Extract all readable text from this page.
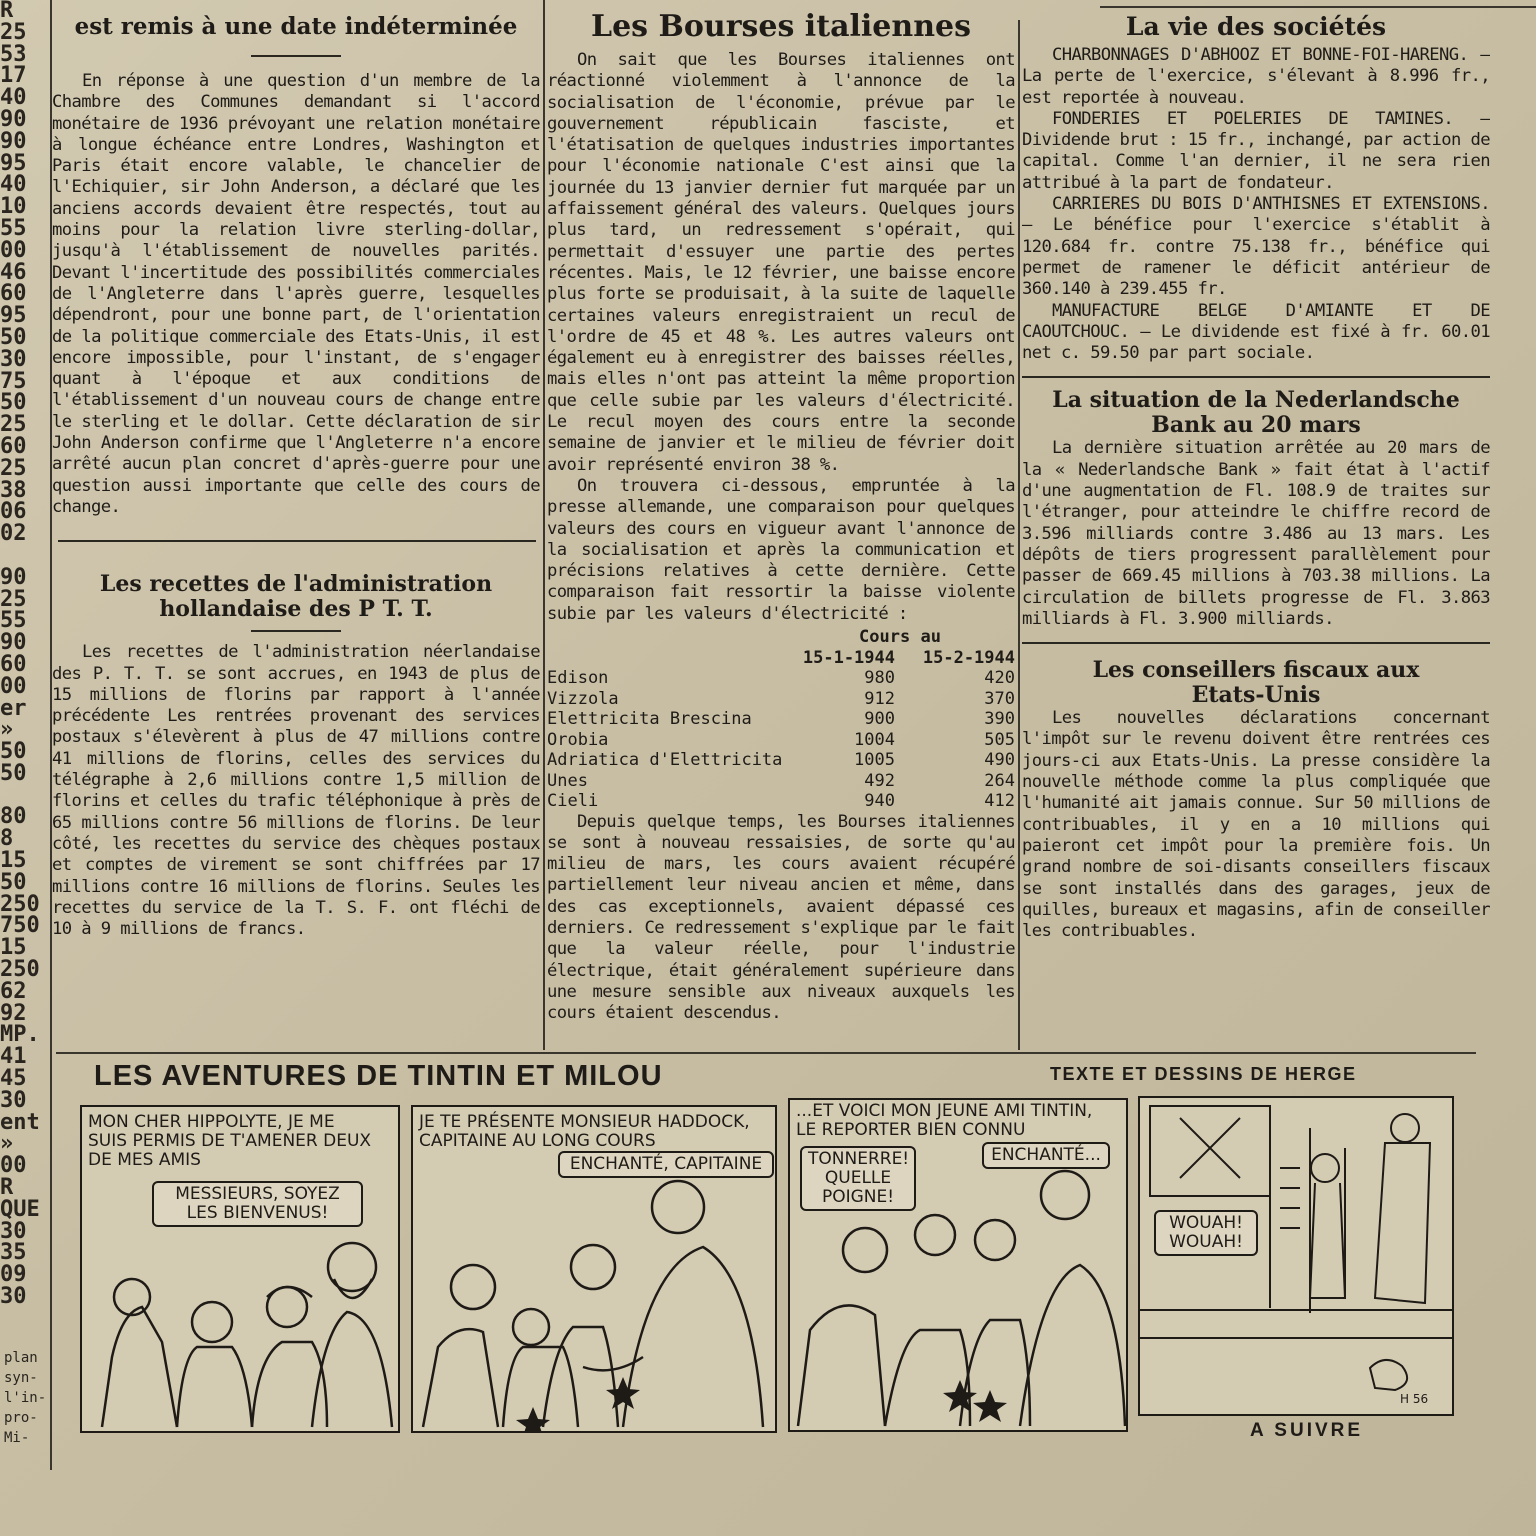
R
25
53
17
40
90
90
95
40
10
55
00
46
60
95
50
30
75
50
25
60
25
38
06
02

90
25
55
90
60
00
er »
50
50

80
8
15
50
250
750
15
250
62
92
MP.
41
45
30
ent »
00
R
QUE
30
35
09
30
plan
syn-
l'in-
pro-
Mi-
est remis à une date indéterminée

En réponse à une question d'un membre de la Chambre des Communes demandant si l'accord monétaire de 1936 prévoyant une relation monétaire à longue échéance entre Londres, Washington et Paris était encore valable, le chancelier de l'Echiquier, sir John Anderson, a déclaré que les anciens accords devaient être respectés, tout au moins pour la relation livre sterling-dollar, jusqu'à l'établissement de nouvelles parités. Devant l'incertitude des possibilités commerciales de l'Angleterre dans l'après guerre, lesquelles dépendront, pour une bonne part, de l'orientation de la politique commerciale des Etats-Unis, il est encore impossible, pour l'instant, de s'engager quant à l'époque et aux conditions de l'établissement d'un nouveau cours de change entre le sterling et le dollar. Cette déclaration de sir John Anderson confirme que l'Angleterre n'a encore arrêté aucun plan concret d'après-guerre pour une question aussi importante que celle des cours de change.

Les recettes de l'administration hollandaise des P T. T.

Les recettes de l'administration néerlandaise des P. T. T. se sont accrues, en 1943 de plus de 15 millions de florins par rapport à l'année précédente Les rentrées provenant des services postaux s'élevèrent à plus de 47 millions contre 41 millions de florins, celles des services du télégraphe à 2,6 millions contre 1,5 million de florins et celles du trafic téléphonique à près de 65 millions contre 56 millions de florins. De leur côté, les recettes du service des chèques postaux et comptes de virement se sont chiffrées par 17 millions contre 16 millions de florins. Seules les recettes du service de la T. S. F. ont fléchi de 10 à 9 millions de francs.

Les Bourses italiennes

On sait que les Bourses italiennes ont réactionné violemment à l'annonce de la socialisation de l'économie, prévue par le gouvernement républicain fasciste, et l'étatisation de quelques industries importantes pour l'économie nationale C'est ainsi que la journée du 13 janvier dernier fut marquée par un affaissement général des valeurs. Quelques jours plus tard, un redressement s'opérait, qui permettait d'essuyer une partie des pertes récentes. Mais, le 12 février, une baisse encore plus forte se produisait, à la suite de laquelle certaines valeurs enregistraient un recul de l'ordre de 45 et 48 %. Les autres valeurs ont également eu à enregistrer des baisses réelles, mais elles n'ont pas atteint la même proportion que celle subie par les valeurs d'électricité. Le recul moyen des cours entre la seconde semaine de janvier et le milieu de février doit avoir représenté environ 38 %.

On trouvera ci-dessous, empruntée à la presse allemande, une comparaison pour quelques valeurs des cours en vigueur avant l'annonce de la socialisation et après la communication et précisions relatives à cette dernière. Cette comparaison fait ressortir la baisse violente subie par les valeurs d'électricité :

Cours au
15-1-1944	15-2-1944
Edison	980	420
Vizzola	912	370
Elettricita Brescina	900	390
Orobia	1004	505
Adriatica d'Elettricita	1005	490
Unes	492	264
Cieli	940	412

Depuis quelque temps, les Bourses italiennes se sont à nouveau ressaisies, de sorte qu'au milieu de mars, les cours avaient récupéré partiellement leur niveau ancien et même, dans des cas exceptionnels, avaient dépassé ces derniers. Ce redressement s'explique par le fait que la valeur réelle, pour l'industrie électrique, était généralement supérieure dans une mesure sensible aux niveaux auxquels les cours étaient descendus.

La vie des sociétés

CHARBONNAGES D'ABHOOZ ET BONNE-FOI-HARENG. — La perte de l'exercice, s'élevant à 8.996 fr., est reportée à nouveau.

FONDERIES ET POELERIES DE TAMINES. — Dividende brut : 15 fr., inchangé, par action de capital. Comme l'an dernier, il ne sera rien attribué à la part de fondateur.

CARRIERES DU BOIS D'ANTHISNES ET EXTENSIONS. — Le bénéfice pour l'exercice s'établit à 120.684 fr. contre 75.138 fr., bénéfice qui permet de ramener le déficit antérieur de 360.140 à 239.455 fr.

MANUFACTURE BELGE D'AMIANTE ET DE CAOUTCHOUC. — Le dividende est fixé à fr. 60.01 net c. 59.50 par part sociale.

La situation de la Nederlandsche Bank au 20 mars

La dernière situation arrêtée au 20 mars de la « Nederlandsche Bank » fait état à l'actif d'une augmentation de Fl. 108.9 de traites sur l'étranger, pour atteindre le chiffre record de 3.596 milliards contre 3.486 au 13 mars. Les dépôts de tiers progressent parallèlement pour passer de 669.45 millions à 703.38 millions. La circulation de billets progresse de Fl. 3.863 milliards à Fl. 3.900 milliards.

Les conseillers fiscaux aux Etats-Unis

Les nouvelles déclarations concernant l'impôt sur le revenu doivent être rentrées ces jours-ci aux Etats-Unis. La presse considère la nouvelle méthode comme la plus compliquée que l'humanité ait jamais connue. Sur 50 millions de contribuables, il y en a 10 millions qui paieront cet impôt pour la première fois. Un grand nombre de soi-disants conseillers fiscaux se sont installés dans des garages, jeux de quilles, bureaux et magasins, afin de conseiller les contribuables.

LES AVENTURES DE TINTIN ET MILOU	TEXTE ET DESSINS DE HERGE
MON CHER HIPPOLYTE, JE ME SUIS PERMIS DE T'AMENER DEUX DE MES AMIS
MESSIEURS, SOYEZ LES BIENVENUS!
JE TE PRÉSENTE MONSIEUR HADDOCK, CAPITAINE AU LONG COURS
ENCHANTÉ, CAPITAINE
...ET VOICI MON JEUNE AMI TINTIN, LE REPORTER BIEN CONNU
TONNERRE! QUELLE POIGNE!
ENCHANTÉ...
WOUAH! WOUAH!
H 56
A SUIVRE
